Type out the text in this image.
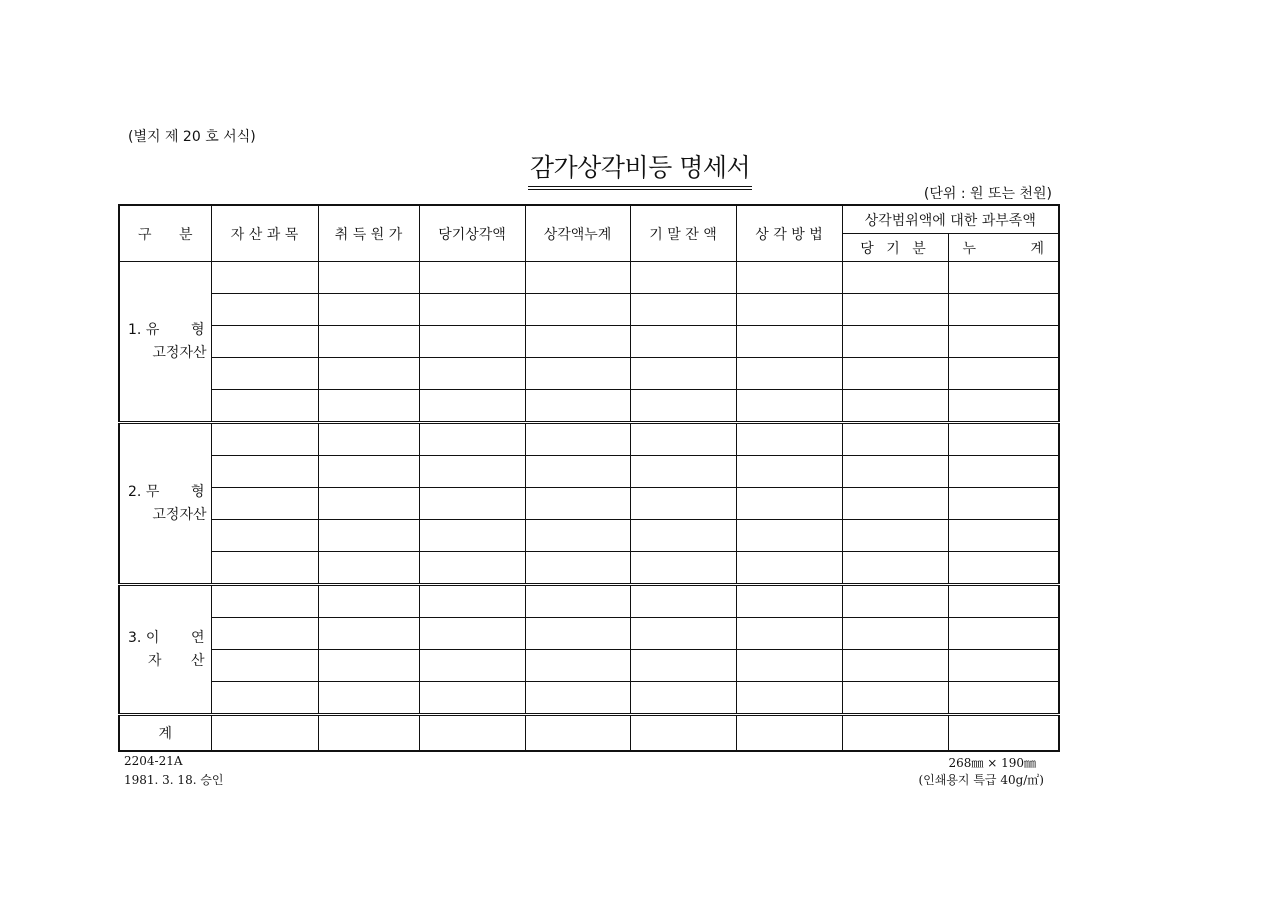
(별지 제 20 호 서식)
감가상각비등 명세서
(단위 : 원 또는 천원)
구 분	자 산 과 목	취 득 원 가	당기상각액	상각액누계	기 말 잔 액	상 각 방 법	상각범위액에 대한 과부족액	
							당 기 분	누 계

1. 유 형
고정자산								

2. 무 형
고정자산								

3. 이 연
자 산								

계								
2204-21A
1981. 3. 18. 승인
268㎜ × 190㎜
(인쇄용지 특급 40g/㎡)
